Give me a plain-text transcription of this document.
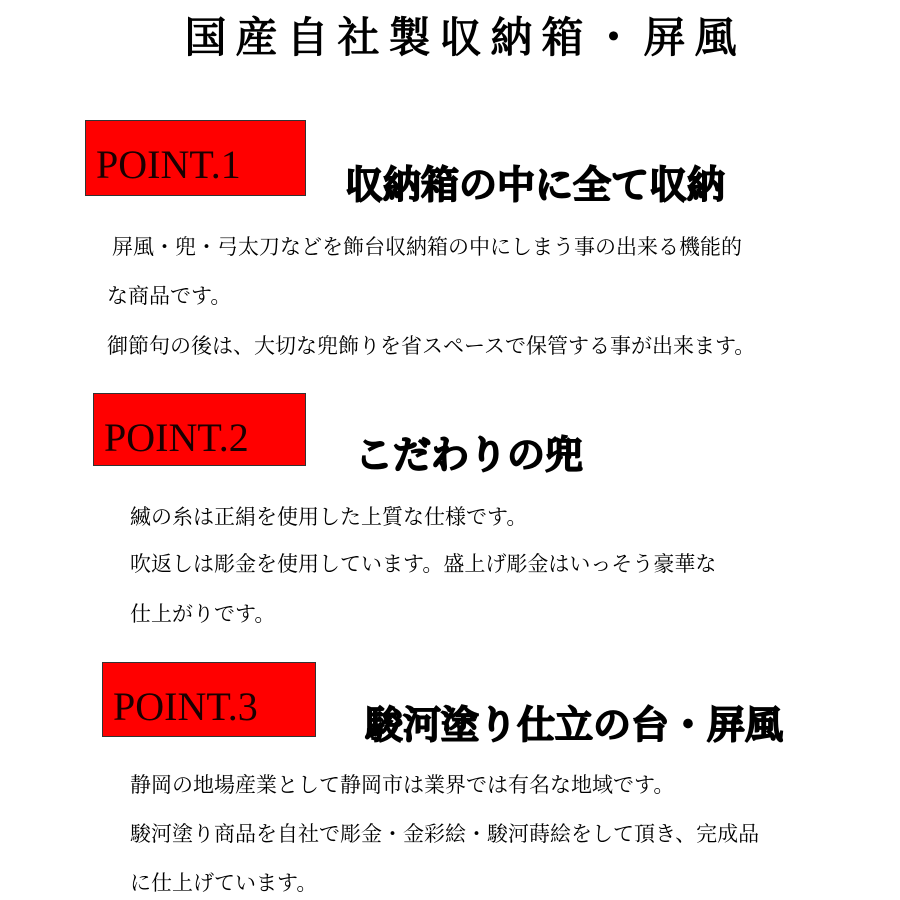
国産自社製収納箱・屏風
POINT.1	収納箱の中に全て収納
屏風・兜・弓太刀などを飾台収納箱の中にしまう事の出来る機能的
な商品です。
御節句の後は、大切な兜飾りを省スペースで保管する事が出来ます。
POINT.2	こだわりの兜
縅の糸は正絹を使用した上質な仕様です。
吹返しは彫金を使用しています。盛上げ彫金はいっそう豪華な
仕上がりです。
POINT.3	駿河塗り仕立の台・屏風
静岡の地場産業として静岡市は業界では有名な地域です。
駿河塗り商品を自社で彫金・金彩絵・駿河蒔絵をして頂き、完成品
に仕上げています。
